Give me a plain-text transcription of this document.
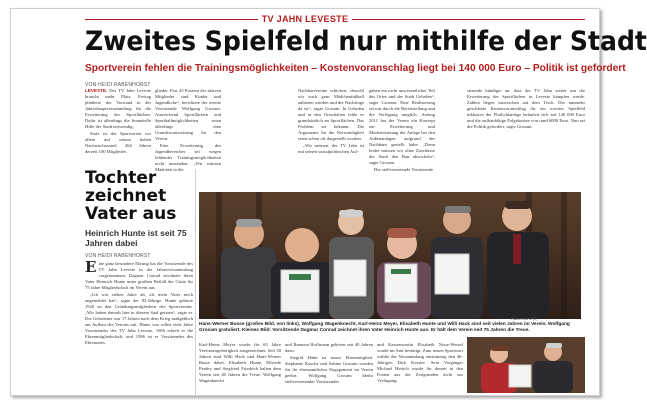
TV JAHN LEVESTE
Zweites Spielfeld nur mithilfe der Stadt
Sportverein fehlen die Trainingsmöglichkeiten – Kostenvoranschlag liegt bei 140 000 Euro – Politik ist gefordert
VON HEIDI RABENHORST

LEVESTE. Der TV Jahn Leveste braucht mehr Platz. Freitag plädierte der Vorstand in der Jahreshauptversammlung für die Erweiterung der Sportflächen. Dafür ist allerdings die finanzielle Hilfe der Stadt notwendig.

Stolz ist der Sportverein vor allem auf seinen hohen Nachwuchsanteil. 264 Jahren derzeit 100 Mitglieder.

glieder. Fast 45 Prozent der aktiven Mitglieder sind Kinder und Jugendliche“, berichtete der zweite Vorsitzende Wolfgang Grosam. Ausreichend Sportflächen und Sportballmöglichkeiten seien allerdings eine Grundvoraussetzung für den Verein.

Eine Erweiterung des Jugendbereiches sei wegen fehlender Trainingsmöglichkeiten nicht umsetzbar. „Wir müssen Mädchen in die

Nachbarvereine schicken, obwohl wir auch gern Mädchenfußball anbieten würden und die Nachfrage da ist“, sagte Grosam. In Gehrden und in den Ortschaften fehle es grundsätzlich an Sportflächen. Das Problem sei bekannt. Die Argumente für die Notwendigkeit seien schon oft dargestellt worden.

„Wir meinen, der TV Jahn ist mit seinen sozialpolitischen Auf-

gaben ein nicht unwesentlicher Teil des Ortes und der Stadt Gehrden“, sagte Grosam. Eine Realisierung sei nur durch die Bereitstellung und die Verfügung möglich. Anfang 2011 hat der Verein ein Konzept zur Erweiterung und Modernisierung der Anlage bei den Außenanlagen aufgrund der Nachbarn gestellt habe. „Denn leider müssen wir ohne Zuschüsse der Stadt den Bau abwickeln“, sagte Grosam.

Der stellvertretende Vorsitzende

sitzende kündigte an, dass der TV Jahn weiter um die Erweiterung der Sportflächen in Leveste kämpfen werde. Zahlen liegen inzwischen auf dem Tisch. Der nunmehr geschätzte Kostenvoranschlag für ein zweites Spielfeld inklusive der Flutlichtanlage belaufen sich auf 140 000 Euro und die aufbaufähige Folgekosten von rund 6000 Euro. Nun sei die Politik gefordert, sagte Grosam.

Tochter zeichnet Vater aus
Heinrich Hunte ist seit 75 Jahren dabei
VON HEIDI RABENHORST

Eine ganz besondere Ehrung hat die Vorsitzende des TV Jahn Leveste in der Jahresversammlung vorgenommen. Dagmar Conrad zeichnete ihren Vater Heinrich Hunte unter großem Beifall der Gäste für 75 Jahre Mitgliedschaft im Verein aus.

„Ich war sieben Jahre alt, als mein Vater mich angemeldet hat“, sagte der 82-Jährige. Hunte gehörte 1920 zu den Gründungsmitgliedern des Sportvereins. „Wir haben damals hier in diesem Saal geturnt“, sagte er. Der Gehrdener war 17 Jahren nach dem Krieg maßgeblich am Aufbau des Vereins mit. Hunte war selbst viele Jahre Vorsitzender des TV Jahn Leveste. 1966 erhielt er die Ehrenmitgliedschaft, und 1996 ist er Vorsitzender des Ehrenrates.

Rabenhorst (2)
Hans-Werner Busse (großes Bild, von links), Wolfgang Wagenknecht, Karl-Heinz Meyer, Elisabeth Hunte und Willi Hack sind seit vielen Jahren im Verein. Wolfgang Grosam gratuliert. Kleines Bild: Vorsitzende Dagmar Conrad zeichnet ihren Vater Heinrich Hunte aus. Er hält dem Verein seit 75 Jahren die Treue.

Karl-Heinz Meyer wurde für 65 Jahre Vereinszugehörigkeit ausgezeichnet. Seit 50 Jahren sind Willi Hack und Hans-Werner Busse dabei. Elisabeth Hunte, Elfriede Pardey und Siegfried Friedrich halten dem Verein seit 40 Jahren die Treue. Wolfgang Wagenknecht

und Ramona Hoffmann gehören seit 40 Jahren dazu.

Siegrid Hahn ist neues Ehrenmitglied. Stephanie Kusche und Sabine Grosam wurden für ihr ehrenamtliches Engagement im Verein geehrt. Wolfgang Grosam bleibt stellvertretender Vorsitzender

und Kassenwartin Elisabeth Nisse-Wetzel wurde im Amt bestätigt. Zum neuen Sportwart wählte die Versammlung einstimmig den 46-Jährigen Dirk Kessler. Sein Vorgänger Michael Hettich wurde für diesen in den Posten aus der Zeitgründen nicht zur Verfügung.
